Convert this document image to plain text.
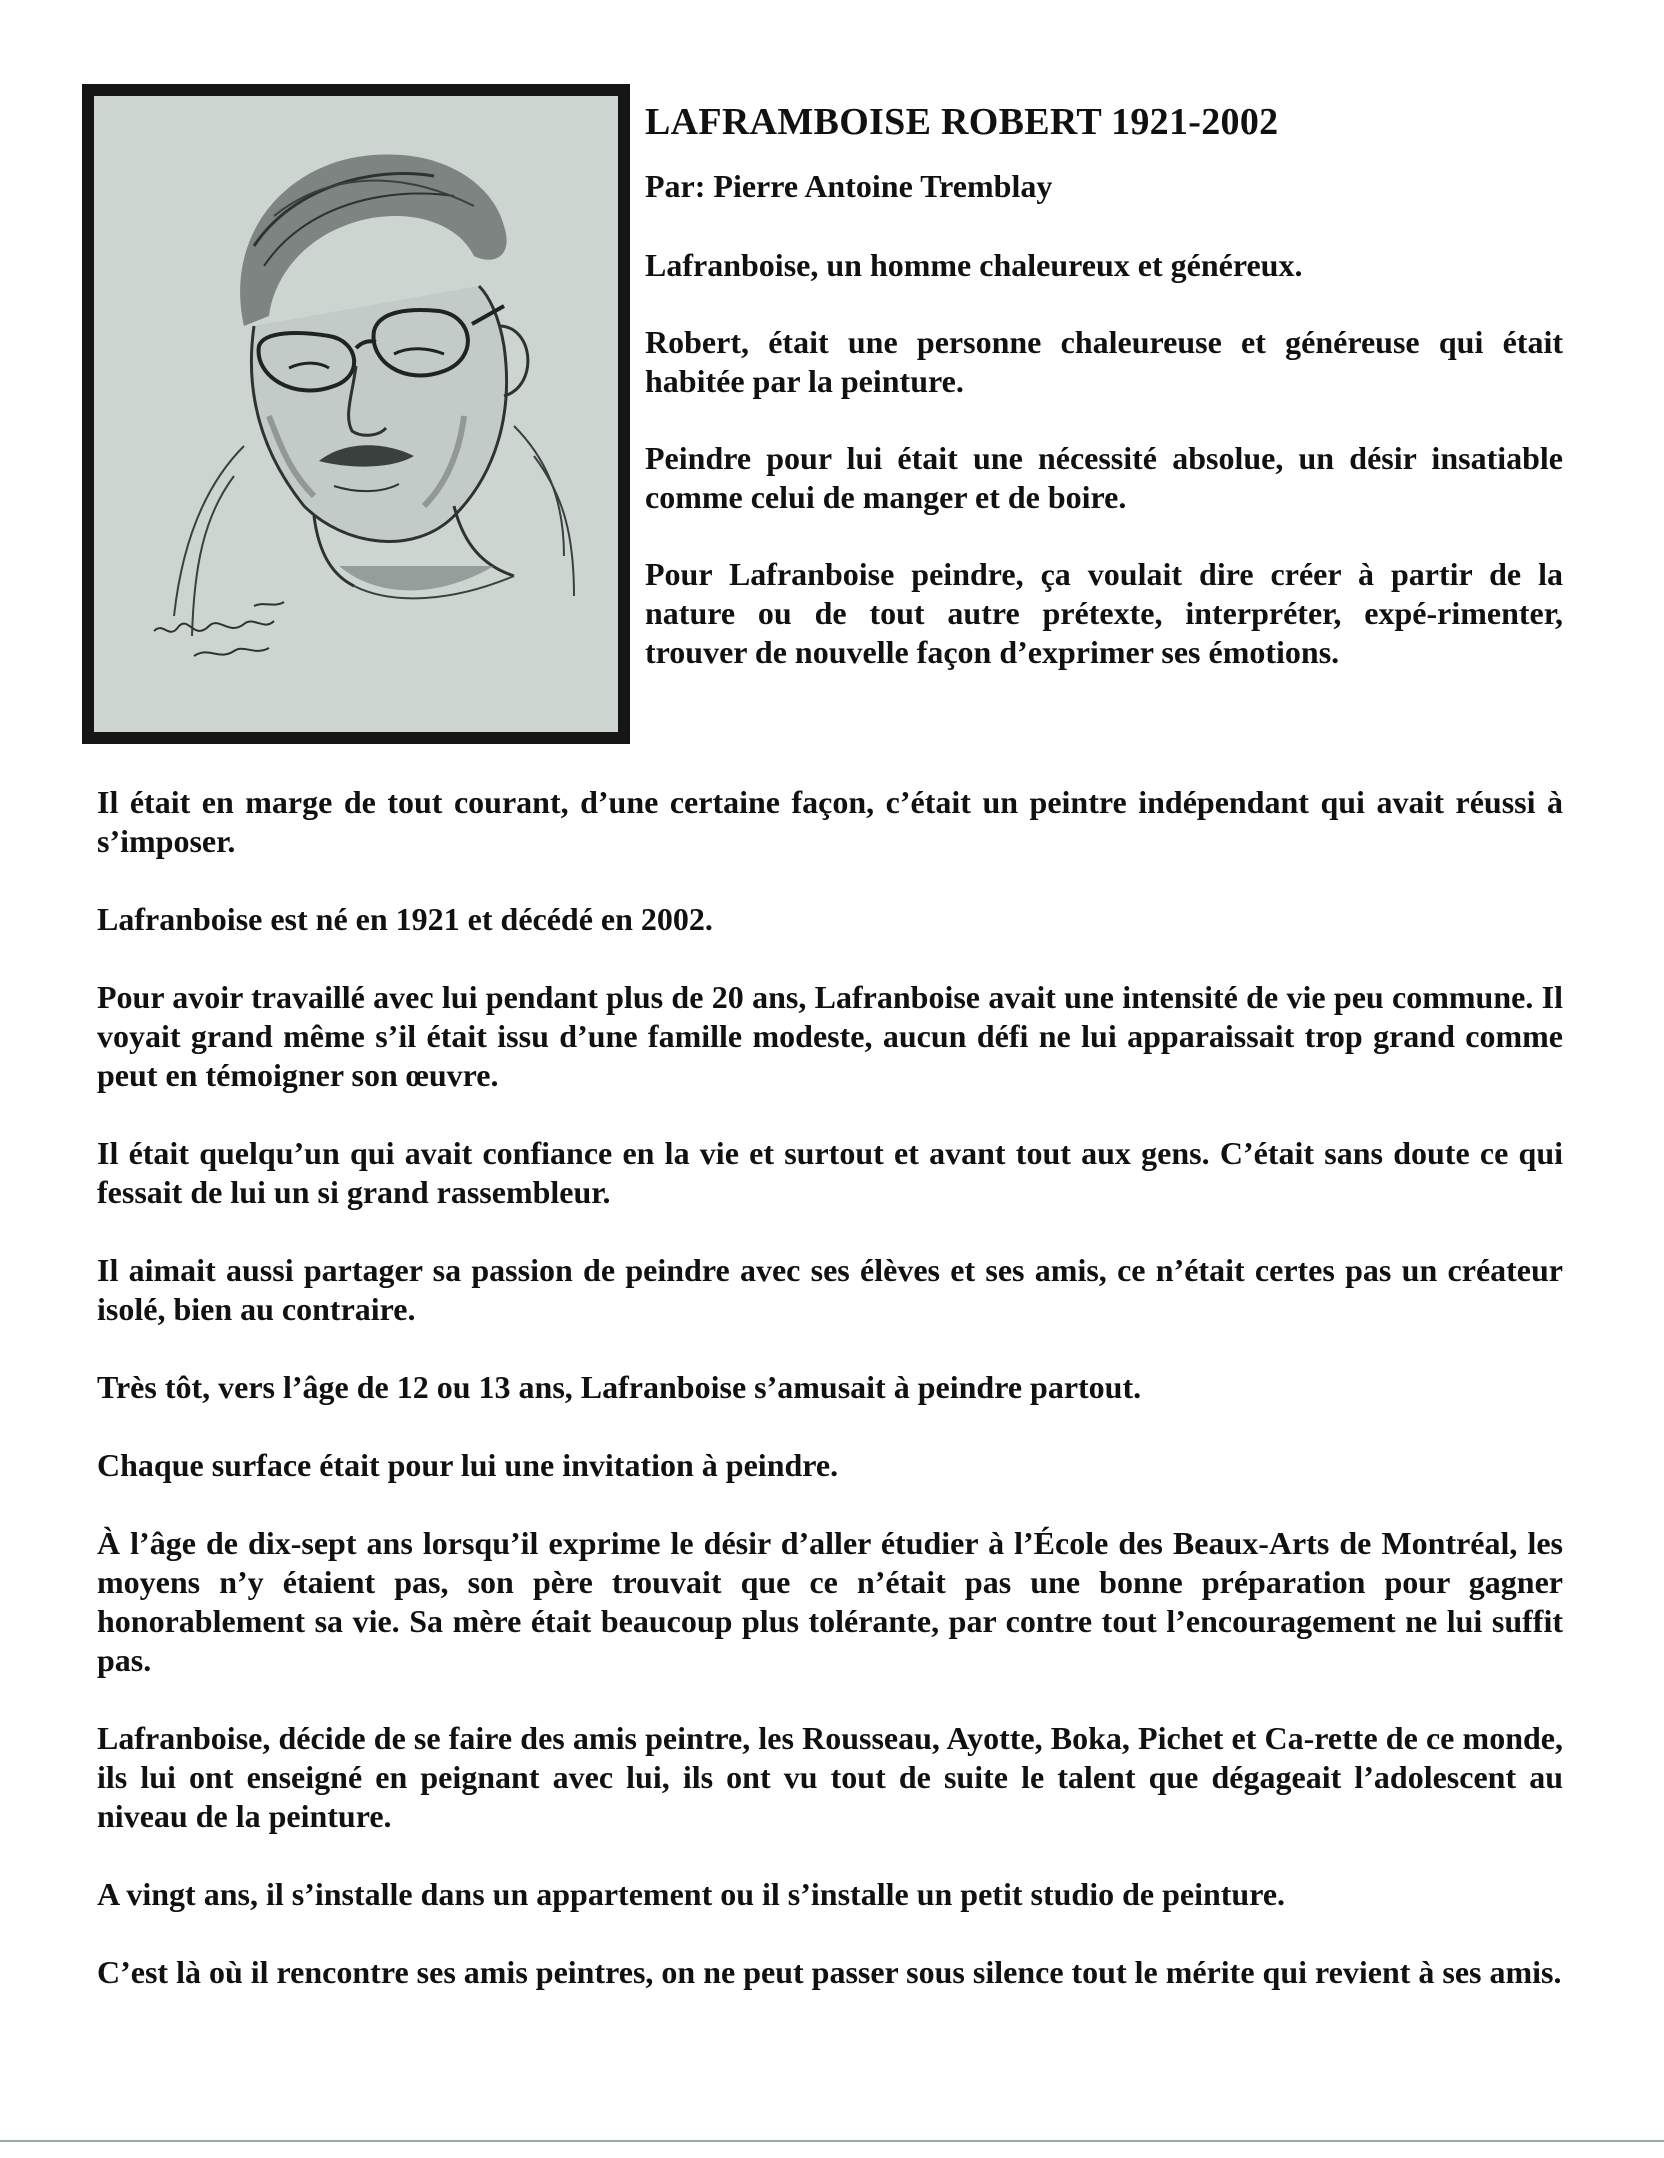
LAFRAMBOISE ROBERT 1921-2002
Par: Pierre Antoine Tremblay

Lafranboise, un homme chaleureux et généreux.

Robert, était une personne chaleureuse et généreuse qui était habitée par la peinture.

Peindre pour lui était une nécessité absolue, un désir insatiable comme celui de manger et de boire.

Pour Lafranboise peindre, ça voulait dire créer à partir de la nature ou de tout autre prétexte, interpréter, expé-rimenter, trouver de nouvelle façon d’exprimer ses émotions.

Il était en marge de tout courant, d’une certaine façon, c’était un peintre indépendant qui avait réussi à s’imposer.

Lafranboise est né en 1921 et décédé en 2002.

Pour avoir travaillé avec lui pendant plus de 20 ans, Lafranboise avait une intensité de vie peu commune. Il voyait grand même s’il était issu d’une famille modeste, aucun défi ne lui apparaissait trop grand comme peut en témoigner son œuvre.

Il était quelqu’un qui avait confiance en la vie et surtout et avant tout aux gens. C’était sans doute ce qui fessait de lui un si grand rassembleur.

Il aimait aussi partager sa passion de peindre avec ses élèves et ses amis, ce n’était certes pas un créateur isolé, bien au contraire.

Très tôt, vers l’âge de 12 ou 13 ans, Lafranboise s’amusait à peindre partout.

Chaque surface était pour lui une invitation à peindre.

À l’âge de dix-sept ans lorsqu’il exprime le désir d’aller étudier à l’École des Beaux-Arts de Montréal, les moyens n’y étaient pas, son père trouvait que ce n’était pas une bonne préparation pour gagner honorablement sa vie. Sa mère était beaucoup plus tolérante, par contre tout l’encouragement ne lui suffit pas.

Lafranboise, décide de se faire des amis peintre, les Rousseau, Ayotte, Boka, Pichet et Ca-rette de ce monde, ils lui ont enseigné en peignant avec lui, ils ont vu tout de suite le talent que dégageait l’adolescent au niveau de la peinture.

A vingt ans, il s’installe dans un appartement ou il s’installe un petit studio de peinture.

C’est là où il rencontre ses amis peintres, on ne peut passer sous silence tout le mérite qui revient à ses amis.
